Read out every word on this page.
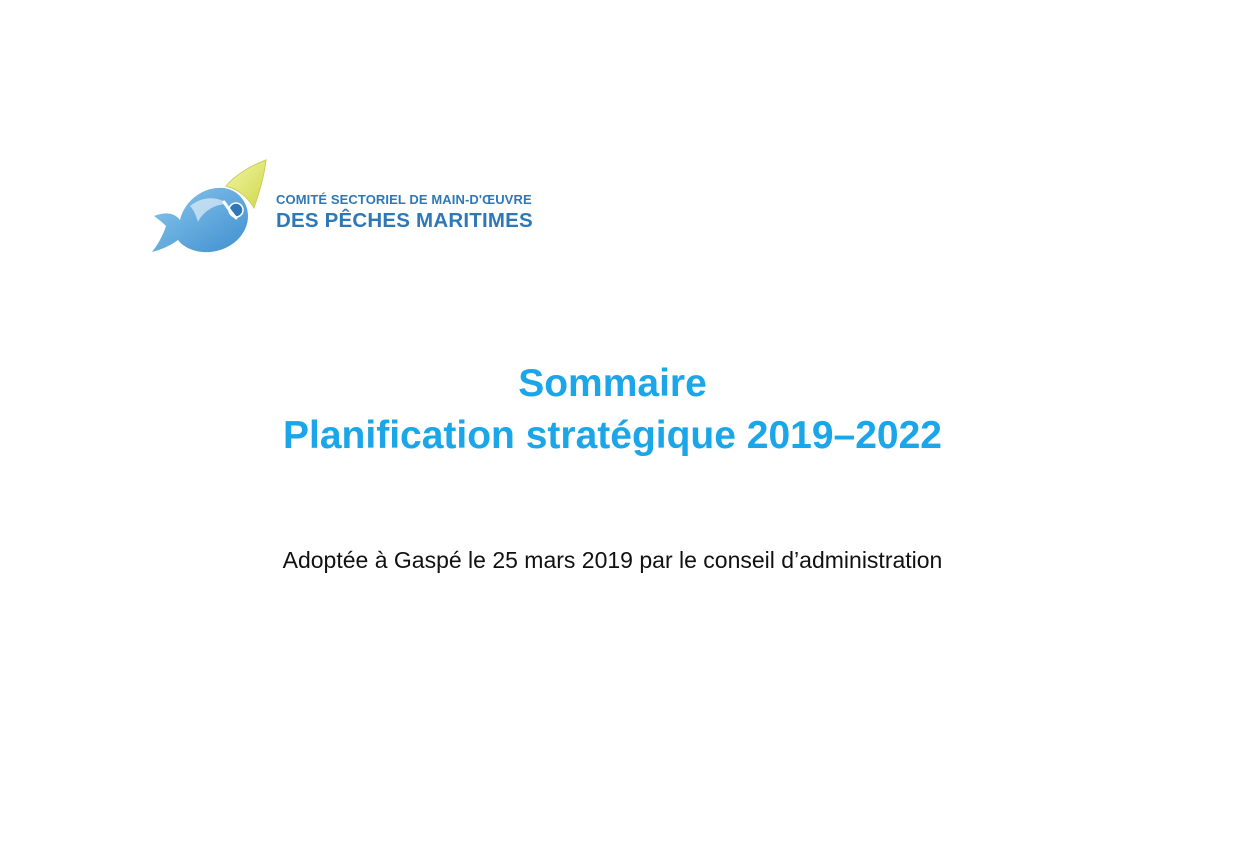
COMITÉ SECTORIEL DE MAIN-D'ŒUVRE
DES PÊCHES MARITIMES
Sommaire
Planification stratégique 2019–2022
Adoptée à Gaspé le 25 mars 2019 par le conseil d’administration
